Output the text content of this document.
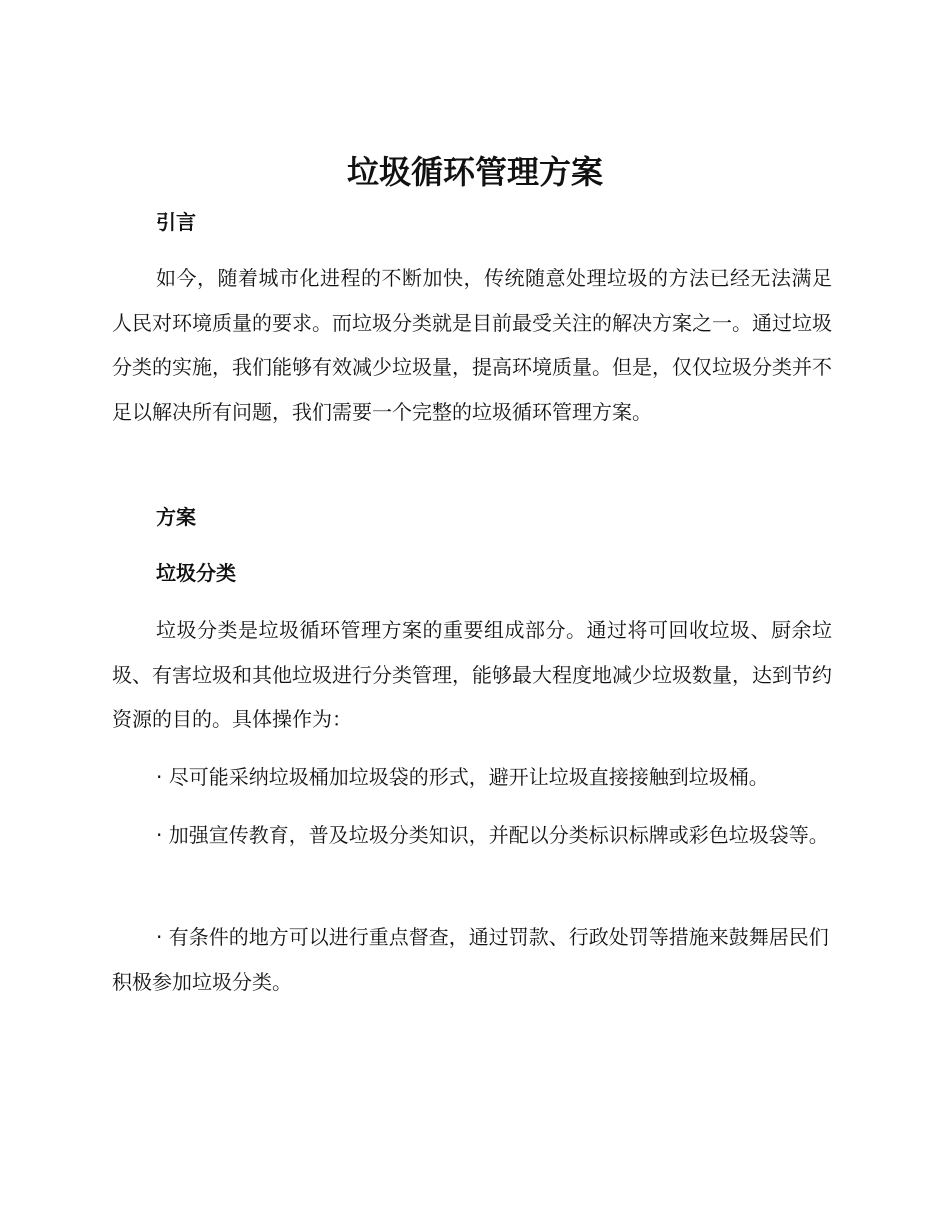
垃圾循环管理方案
引言

如今，随着城市化进程的不断加快，传统随意处理垃圾的方法已经无法满足人民对环境质量的要求。而垃圾分类就是目前最受关注的解决方案之一。通过垃圾分类的实施，我们能够有效减少垃圾量，提高环境质量。但是，仅仅垃圾分类并不足以解决所有问题，我们需要一个完整的垃圾循环管理方案。

方案
垃圾分类

垃圾分类是垃圾循环管理方案的重要组成部分。通过将可回收垃圾、厨余垃圾、有害垃圾和其他垃圾进行分类管理，能够最大程度地减少垃圾数量，达到节约资源的目的。具体操作为：

· 尽可能采纳垃圾桶加垃圾袋的形式，避开让垃圾直接接触到垃圾桶。

· 加强宣传教育，普及垃圾分类知识，并配以分类标识标牌或彩色垃圾袋等。

· 有条件的地方可以进行重点督查，通过罚款、行政处罚等措施来鼓舞居民们积极参加垃圾分类。
